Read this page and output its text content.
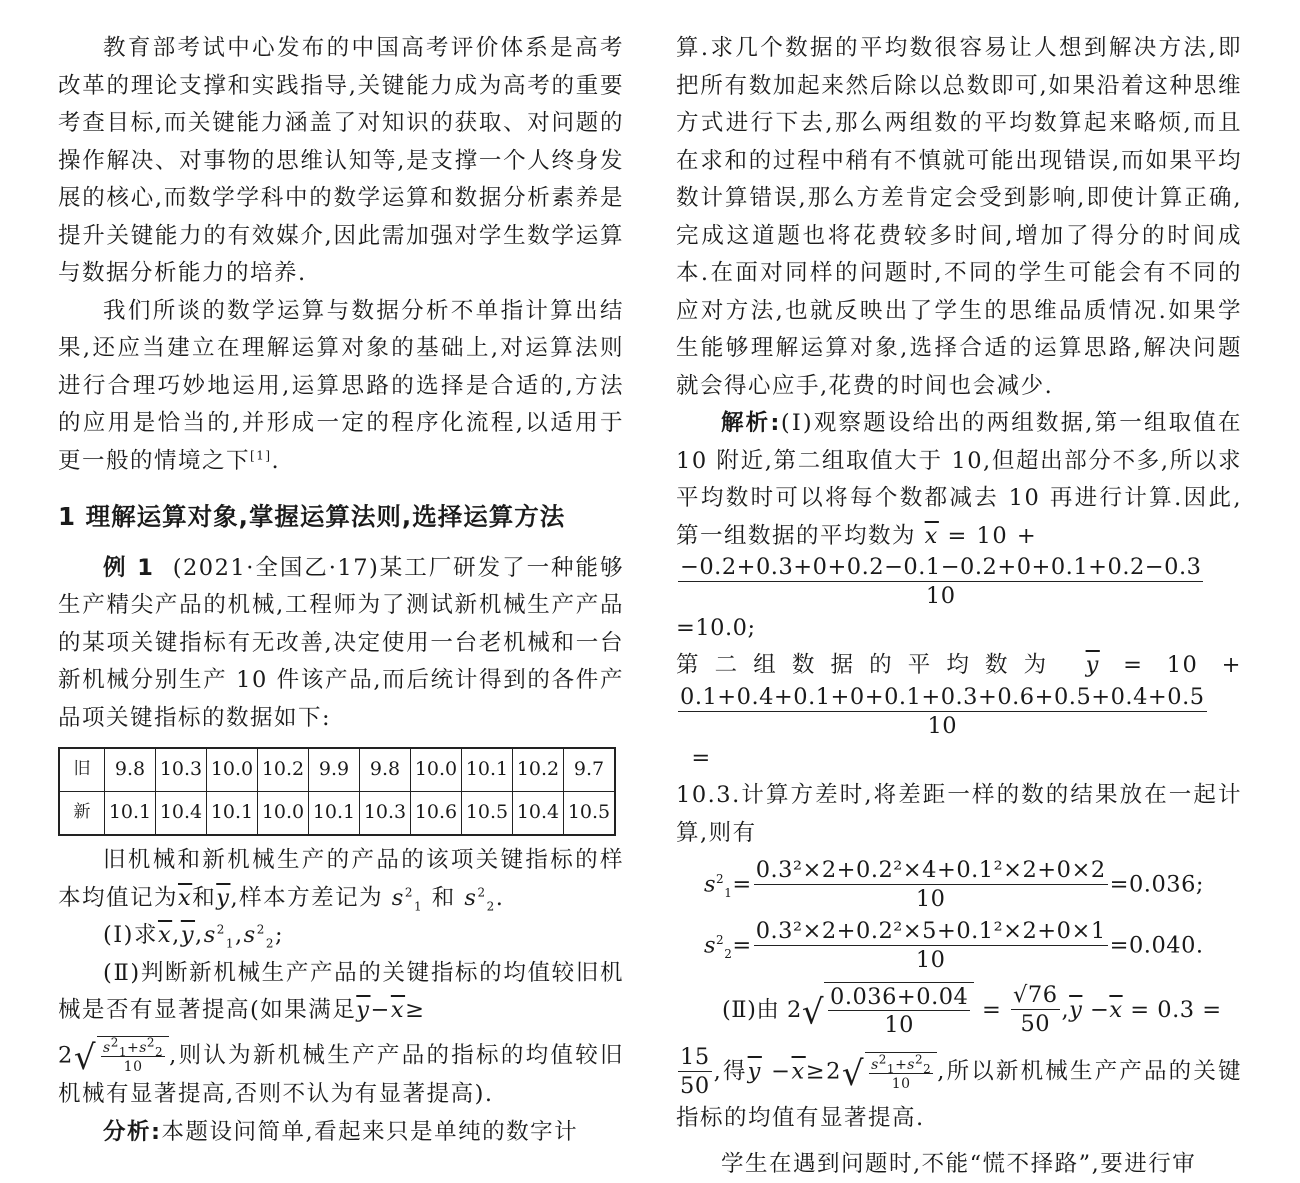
教育部考试中心发布的中国高考评价体系是高考改革的理论支撑和实践指导,关键能力成为高考的重要考查目标,而关键能力涵盖了对知识的获取、对问题的操作解决、对事物的思维认知等,是支撑一个人终身发展的核心,而数学学科中的数学运算和数据分析素养是提升关键能力的有效媒介,因此需加强对学生数学运算与数据分析能力的培养.

我们所谈的数学运算与数据分析不单指计算出结果,还应当建立在理解运算对象的基础上,对运算法则进行合理巧妙地运用,运算思路的选择是合适的,方法的应用是恰当的,并形成一定的程序化流程,以适用于更一般的情境之下[1].

1 理解运算对象,掌握运算法则,选择运算方法

例 1 (2021·全国乙·17)某工厂研发了一种能够生产精尖产品的机械,工程师为了测试新机械生产产品的某项关键指标有无改善,决定使用一台老机械和一台新机械分别生产 10 件该产品,而后统计得到的各件产品项关键指标的数据如下:

旧	9.8	10.3	10.0	10.2	9.9	9.8	10.0	10.1	10.2	9.7
新	10.1	10.4	10.1	10.0	10.1	10.3	10.6	10.5	10.4	10.5

旧机械和新机械生产的产品的该项关键指标的样本均值记为$\overline{x}$和$\overline{y}$,样本方差记为 $s^2_1$ 和 $s^2_2$.

(Ⅰ)求$\overline{x},\overline{y},s^2_1,s^2_2$;

(Ⅱ)判断新机械生产产品的关键指标的均值较旧机械是否有显著提高(如果满足$\overline{y}-\overline{x}\ge$

$2√ \frac{s^2_1+s^2_2}{10}$ ,则认为新机械生产产品的指标的均值较旧机械有显著提高,否则不认为有显著提高).

分析:本题设问简单,看起来只是单纯的数字计

算.求几个数据的平均数很容易让人想到解决方法,即把所有数加起来然后除以总数即可,如果沿着这种思维方式进行下去,那么两组数的平均数算起来略烦,而且在求和的过程中稍有不慎就可能出现错误,而如果平均数计算错误,那么方差肯定会受到影响,即使计算正确,完成这道题也将花费较多时间,增加了得分的时间成本.在面对同样的问题时,不同的学生可能会有不同的应对方法,也就反映出了学生的思维品质情况.如果学生能够理解运算对象,选择合适的运算思路,解决问题就会得心应手,花费的时间也会减少.

解析:(Ⅰ)观察题设给出的两组数据,第一组取值在 10 附近,第二组取值大于 10,但超出部分不多,所以求平均数时可以将每个数都减去 10 再进行计算.因此,第一组数据的平均数为 $\overline{x} = 10$ +

$\frac{-0.2+0.3+0+0.2-0.1-0.2+0+0.1+0.2-0.3}{10}$
=10.0;

第二组数据的平均数为 $\overline{y} = 10$ +

$\frac{0.1+0.4+0.1+0+0.1+0.3+0.6+0.5+0.4+0.5}{10}$
=

10.3.计算方差时,将差距一样的数的结果放在一起计算,则有

$s^2_1= \frac{\text{0.3²×2+0.2²×4+0.1²×2+0×2}}{10} =0.036$;
$s^2_2= \frac{\text{0.3²×2+0.2²×5+0.1²×2+0×1}}{10} =0.040$.
(Ⅱ)由 $2√ \frac{0.036+0.04}{10} = \frac{√76}{50} ,\overline{y} -\overline{x} = 0.3$ =

$\frac{15}{50}$ ,得$\overline{y} -\overline{x}\ge 2√ \frac{s^2_1+s^2_2}{10}$ ,所以新机械生产产品的关键指标的均值有显著提高.

学生在遇到问题时,不能“慌不择路”,要进行审
